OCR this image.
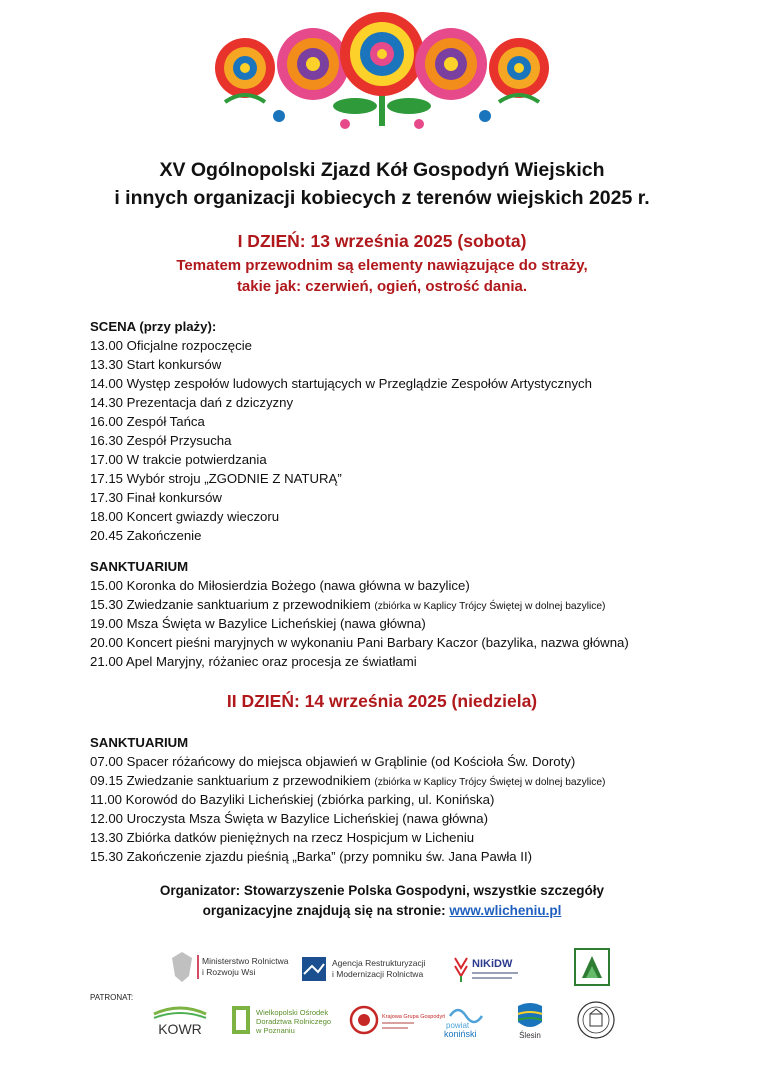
XV Ogólnopolski Zjazd Kół Gospodyń Wiejskich
i innych organizacji kobiecych z terenów wiejskich 2025 r.
I DZIEŃ: 13 września 2025 (sobota)
Tematem przewodnim są elementy nawiązujące do straży,
takie jak: czerwień, ogień, ostrość dania.
SCENA (przy plaży):
13.00 Oficjalne rozpoczęcie
13.30 Start konkursów
14.00 Występ zespołów ludowych startujących w Przeglądzie Zespołów Artystycznych
14.30 Prezentacja dań z dziczyzny
16.00 Zespół Tańca
16.30 Zespół Przysucha
17.00 W trakcie potwierdzania
17.15 Wybór stroju „ZGODNIE Z NATURĄ”
17.30 Finał konkursów
18.00 Koncert gwiazdy wieczoru
20.45 Zakończenie
SANKTUARIUM
15.00 Koronka do Miłosierdzia Bożego (nawa główna w bazylice)
15.30 Zwiedzanie sanktuarium z przewodnikiem (zbiórka w Kaplicy Trójcy Świętej w dolnej bazylice)
19.00 Msza Święta w Bazylice Licheńskiej (nawa główna)
20.00 Koncert pieśni maryjnych w wykonaniu Pani Barbary Kaczor (bazylika, nazwa główna)
21.00 Apel Maryjny, różaniec oraz procesja ze światłami
II DZIEŃ: 14 września 2025 (niedziela)
SANKTUARIUM
07.00 Spacer różańcowy do miejsca objawień w Grąblinie (od Kościoła Św. Doroty)
09.15 Zwiedzanie sanktuarium z przewodnikiem (zbiórka w Kaplicy Trójcy Świętej w dolnej bazylice)
11.00 Korowód do Bazyliki Licheńskiej (zbiórka parking, ul. Konińska)
12.00 Uroczysta Msza Święta w Bazylice Licheńskiej (nawa główna)
13.30 Zbiórka datków pieniężnych na rzecz Hospicjum w Licheniu
15.30 Zakończenie zjazdu pieśnią „Barka” (przy pomniku św. Jana Pawła II)
Organizator: Stowarzyszenie Polska Gospodyni, wszystkie szczegóły
organizacyjne znajdują się na stronie: www.wlicheniu.pl
Ministerstwo Rolnictwa
i Rozwoju Wsi
Agencja Restrukturyzacji
i Modernizacji Rolnictwa
NIKiDW
PATRONAT:
KOWR
Wielkopolski Ośrodek
Doradztwa Rolniczego
w Poznaniu
Krajowa Grupa Gospodyń
powiat
koniński	Ślesin
